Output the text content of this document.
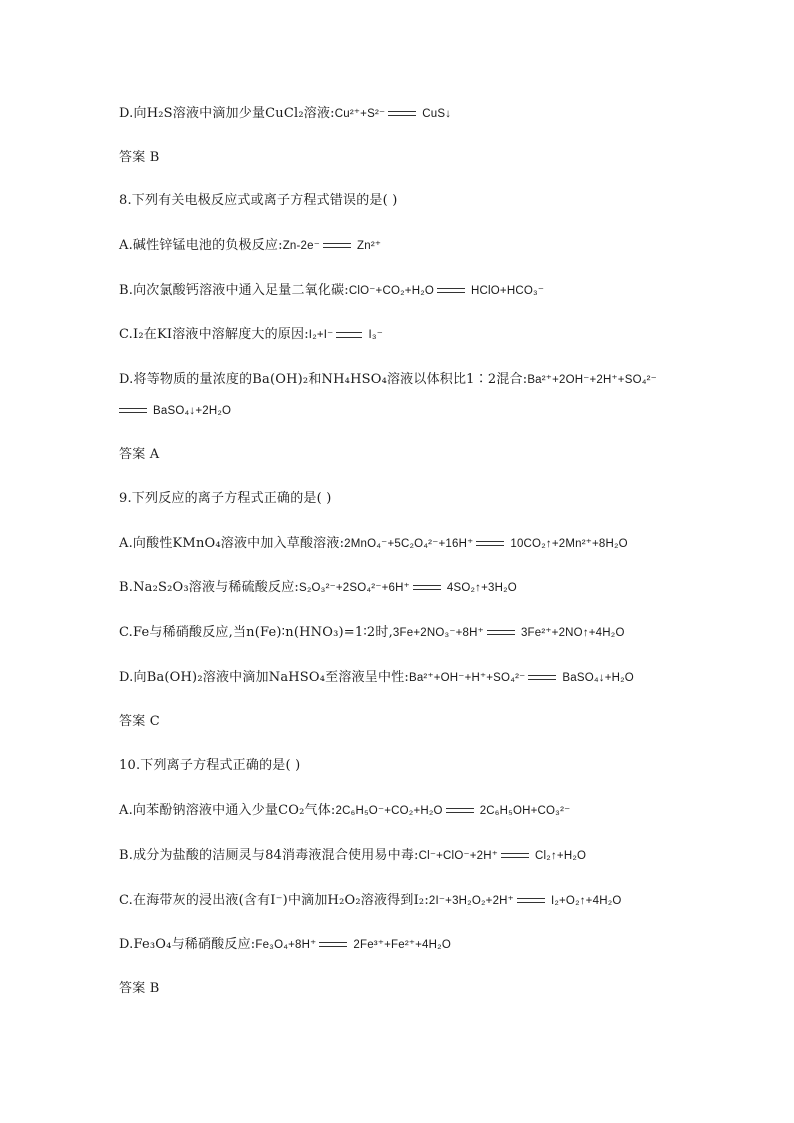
D.向H₂S溶液中滴加少量CuCl₂溶液:Cu²⁺+S²⁻	CuS↓
答案 B
8.下列有关电极反应式或离子方程式错误的是( )
A.碱性锌锰电池的负极反应:Zn-2e⁻	Zn²⁺
B.向次氯酸钙溶液中通入足量二氧化碳:ClO⁻+CO₂+H₂O	HClO+HCO₃⁻
C.I₂在KI溶液中溶解度大的原因:I₂+I⁻	I₃⁻
D.将等物质的量浓度的Ba(OH)₂和NH₄HSO₄溶液以体积比1∶2混合:Ba²⁺+2OH⁻+2H⁺+SO₄²⁻
BaSO₄↓+2H₂O
答案 A
9.下列反应的离子方程式正确的是( )
A.向酸性KMnO₄溶液中加入草酸溶液:2MnO₄⁻+5C₂O₄²⁻+16H⁺	10CO₂↑+2Mn²⁺+8H₂O
B.Na₂S₂O₃溶液与稀硫酸反应:S₂O₃²⁻+2SO₄²⁻+6H⁺	4SO₂↑+3H₂O
C.Fe与稀硝酸反应,当n(Fe)∶n(HNO₃)=1∶2时,3Fe+2NO₃⁻+8H⁺	3Fe²⁺+2NO↑+4H₂O
D.向Ba(OH)₂溶液中滴加NaHSO₄至溶液呈中性:Ba²⁺+OH⁻+H⁺+SO₄²⁻	BaSO₄↓+H₂O
答案 C
10.下列离子方程式正确的是( )
A.向苯酚钠溶液中通入少量CO₂气体:2C₆H₅O⁻+CO₂+H₂O	2C₆H₅OH+CO₃²⁻
B.成分为盐酸的洁厕灵与84消毒液混合使用易中毒:Cl⁻+ClO⁻+2H⁺	Cl₂↑+H₂O
C.在海带灰的浸出液(含有I⁻)中滴加H₂O₂溶液得到I₂:2I⁻+3H₂O₂+2H⁺	I₂+O₂↑+4H₂O
D.Fe₃O₄与稀硝酸反应:Fe₃O₄+8H⁺	2Fe³⁺+Fe²⁺+4H₂O
答案 B
